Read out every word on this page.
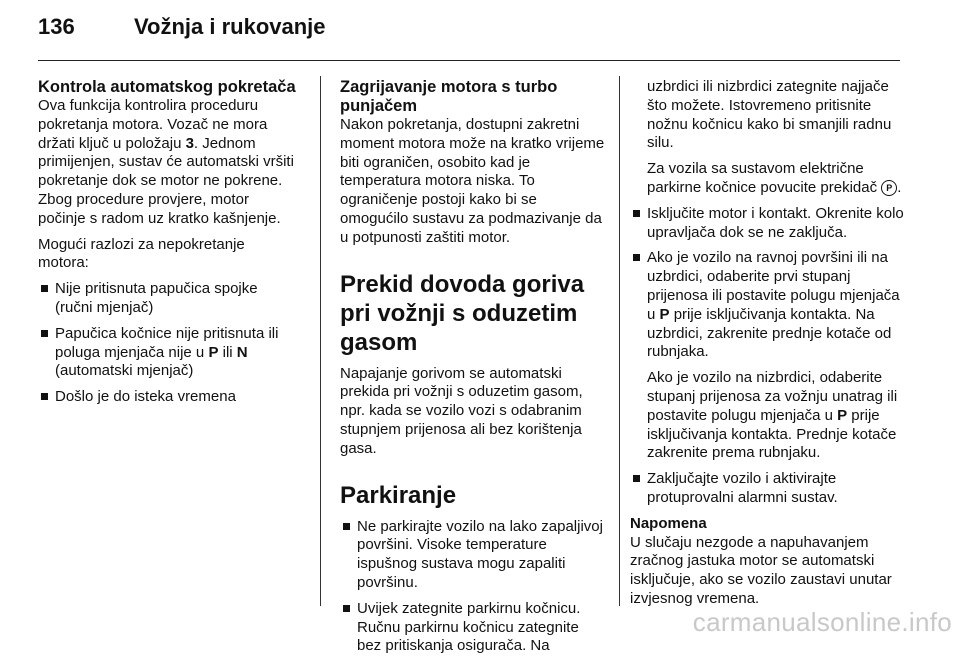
136	Vožnja i rukovanje
Kontrola automatskog pokretača

Ova funkcija kontrolira proceduru pokretanja motora. Vozač ne mora držati ključ u položaju 3. Jednom primijenjen, sustav će automatski vršiti pokretanje dok se motor ne pokrene. Zbog procedure provjere, motor počinje s radom uz kratko kašnjenje.

Mogući razlozi za nepokretanje motora:

Nije pritisnuta papučica spojke (ručni mjenjač)
Papučica kočnice nije pritisnuta ili poluga mjenjača nije u P ili N (automatski mjenjač)
Došlo je do isteka vremena
Zagrijavanje motora s turbo punjačem

Nakon pokretanja, dostupni zakretni moment motora može na kratko vrijeme biti ograničen, osobito kad je temperatura motora niska. To ograničenje postoji kako bi se omogućilo sustavu za podmazivanje da u potpunosti zaštiti motor.

Prekid dovoda goriva pri vožnji s oduzetim gasom

Napajanje gorivom se automatski prekida pri vožnji s oduzetim gasom, npr. kada se vozilo vozi s odabranim stupnjem prijenosa ali bez korištenja gasa.

Parkiranje
Ne parkirajte vozilo na lako zapaljivoj površini. Visoke temperature ispušnog sustava mogu zapaliti površinu.
Uvijek zategnite parkirnu kočnicu. Ručnu parkirnu kočnicu zategnite bez pritiskanja osigurača. Na

uzbrdici ili nizbrdici zategnite najjače što možete. Istovremeno pritisnite nožnu kočnicu kako bi smanjili radnu silu.

Za vozila sa sustavom električne parkirne kočnice povucite prekidač P .

Isključite motor i kontakt. Okrenite kolo upravljača dok se ne zaključa.
Ako je vozilo na ravnoj površini ili na uzbrdici, odaberite prvi stupanj prijenosa ili postavite polugu mjenjača u P prije isključivanja kontakta. Na uzbrdici, zakrenite prednje kotače od rubnjaka.

Ako je vozilo na nizbrdici, odaberite stupanj prijenosa za vožnju unatrag ili postavite polugu mjenjača u P prije isključivanja kontakta. Prednje kotače zakrenite prema rubnjaku.

Zaključajte vozilo i aktivirajte protuprovalni alarmni sustav.
Napomena

U slučaju nezgode a napuhavanjem zračnog jastuka motor se automatski isključuje, ako se vozilo zaustavi unutar izvjesnog vremena.

carmanualsonline.info
